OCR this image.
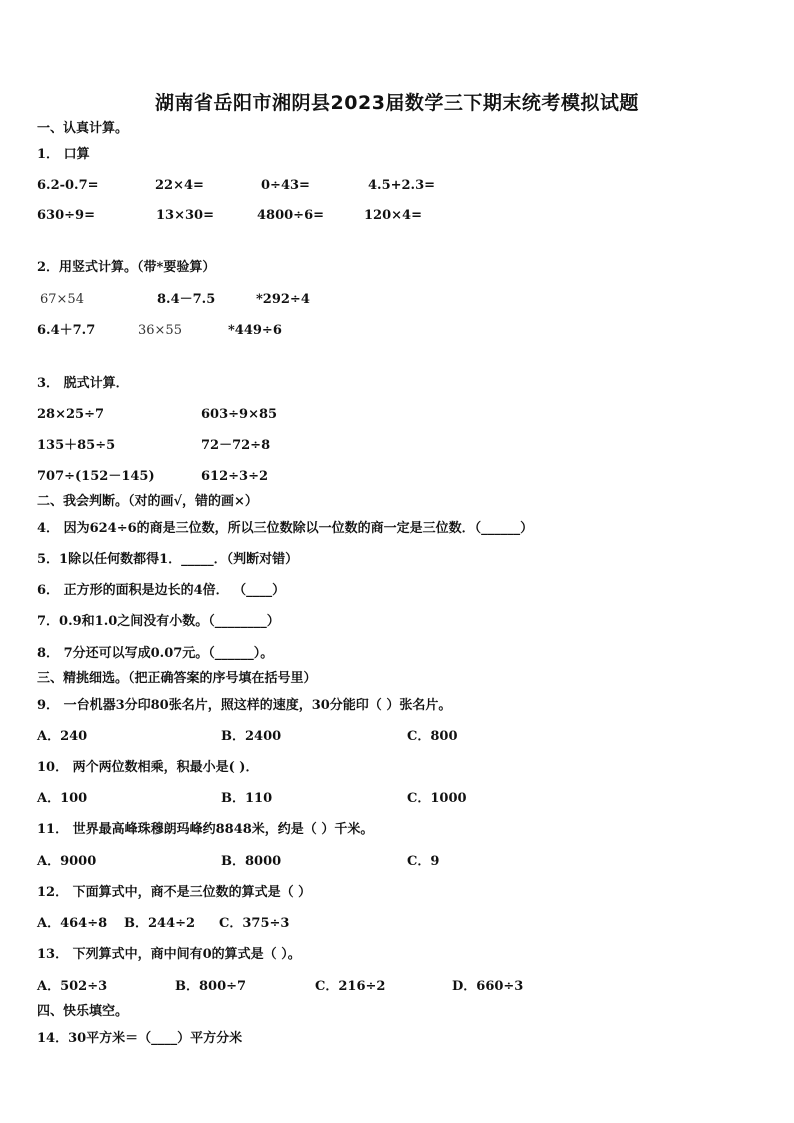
湖南省岳阳市湘阴县2023届数学三下期末统考模拟试题
一、认真计算。
1． 口算
6.2-0.7=	22×4=	0÷43=	4.5+2.3=
630÷9=	13×30=	4800÷6=	120×4=
2．用竖式计算。（带*要验算）
67×54	8.4－7.5	*292÷4
6.4＋7.7	36×55	*449÷6
3． 脱式计算．
28×25÷7	603÷9×85
135＋85÷5	72－72÷8
707÷(152－145)	612÷3÷2
二、我会判断。（对的画√，错的画×）
4． 因为624÷6的商是三位数，所以三位数除以一位数的商一定是三位数．（______）
5．1除以任何数都得1．_____．（判断对错）
6． 正方形的面积是边长的4倍． （____）
7．0.9和1.0之间没有小数。（________）
8． 7分还可以写成0.07元。（______）。
三、精挑细选。（把正确答案的序号填在括号里）
9． 一台机器3分印80张名片，照这样的速度，30分能印（ ）张名片。
A．240	B．2400	C．800
10． 两个两位数相乘，积最小是( )．
A．100	B．110	C．1000
11． 世界最高峰珠穆朗玛峰约8848米，约是（ ）千米。
A．9000	B．8000	C．9
12． 下面算式中，商不是三位数的算式是（ ）
A．464÷8 B．244÷2 C．375÷3
13． 下列算式中，商中间有0的算式是（ ）。
A．502÷3	B．800÷7	C．216÷2	D．660÷3
四、快乐填空。
14．30平方米＝（____）平方分米
